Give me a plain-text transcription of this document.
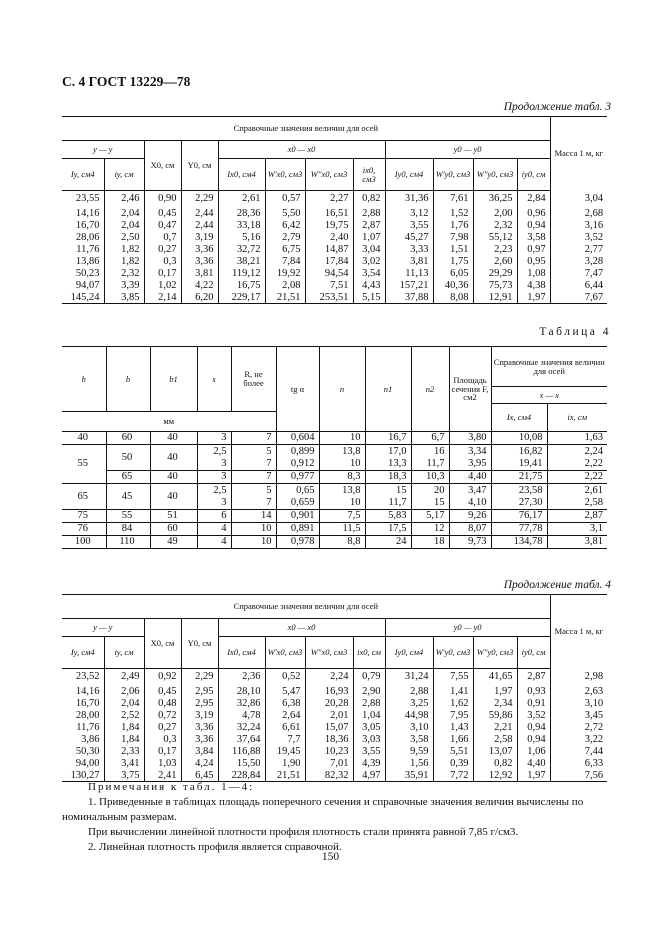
С. 4 ГОСТ 13229—78
Продолжение табл. 3
Справочные значения величин для осей												Масса 1 м, кг
y — y		X0, см	Y0, см	x0 — x0				y0 — y0				
Iy, см4	iy, см			Ix0, см4	W'x0, см3	W''x0, см3	ix0, см3	Iy0, см4	W'y0, см3	W''y0, см3	iy0, см	

23,55	2,46	0,90	2,29	2,61	0,57	2,27	0,82	31,36	7,61	36,25	2,84	3,04
14,16	2,04	0,45	2,44	28,36	5,50	16,51	2,88	3,12	1,52	2,00	0,96	2,68
16,70	2,04	0,47	2,44	33,18	6,42	19,75	2,87	3,55	1,76	2,32	0,94	3,16
28,06	2,50	0,7	3,19	5,16	2,79	2,40	1,07	45,27	7,98	55,12	3,58	3,52
11,76	1,82	0,27	3,36	32,72	6,75	14,87	3,04	3,33	1,51	2,23	0,97	2,77
13,86	1,82	0,3	3,36	38,21	7,84	17,84	3,02	3,81	1,75	2,60	0,95	3,28
50,23	2,32	0,17	3,81	119,12	19,92	94,54	3,54	11,13	6,05	29,29	1,08	7,47
94,07	3,39	1,02	4,22	16,75	2,08	7,51	4,43	157,21	40,36	75,73	4,38	6,44
145,24	3,85	2,14	6,20	229,17	21,51	253,51	5,15	37,88	8,08	12,91	1,97	7,67
Таблица 4
h	b	b1	s	R, не более	tg α	n	n1	n2	Площадь сечения F, см2	Справочные значения величин для осей	
										x — x	
										Ix, см4	ix, см
мм											
40	60	40	3	7	0,604	10	16,7	6,7	3,80	10,08	1,63
55	50	40	2,5	5	0,899	13,8	17,0	16	3,34	16,82	2,24
			3	7	0,912	10	13,3	11,7	3,95	19,41	2,22
	65	40	3	7	0,977	8,3	18,3	10,3	4,40	21,75	2,22
65	45	40	2,5	5	0,65	13,8	15	20	3,47	23,58	2,61
			3	7	0,659	10	11,7	15	4,10	27,30	2,58
75	55	51	6	14	0,901	7,5	5,83	5,17	9,26	76,17	2,87
76	84	60	4	10	0,891	11,5	17,5	12	8,07	77,78	3,1
100	110	49	4	10	0,978	8,8	24	18	9,73	134,78	3,81
Продолжение табл. 4
Справочные значения величин для осей												Масса 1 м, кг
y — y		X0, см	Y0, см	x0 — x0				y0 — y0				
Iy, см4	iy, см			Ix0, см4	W'x0, см3	W''x0, см3	ix0, см	Iy0, см4	W'y0, см3	W''y0, см3	iy0, см	

23,52	2,49	0,92	2,29	2,36	0,52	2,24	0,79	31,24	7,55	41,65	2,87	2,98
14,16	2,06	0,45	2,95	28,10	5,47	16,93	2,90	2,88	1,41	1,97	0,93	2,63
16,70	2,04	0,48	2,95	32,86	6,38	20,28	2,88	3,25	1,62	2,34	0,91	3,10
28,00	2,52	0,72	3,19	4,78	2,64	2,01	1,04	44,98	7,95	59,86	3,52	3,45
11,76	1,84	0,27	3,36	32,24	6,61	15,07	3,05	3,10	1,43	2,21	0,94	2,72
3,86	1,84	0,3	3,36	37,64	7,7	18,36	3,03	3,58	1,66	2,58	0,94	3,22
50,30	2,33	0,17	3,84	116,88	19,45	10,23	3,55	9,59	5,51	13,07	1,06	7,44
94,00	3,41	1,03	4,24	15,50	1,90	7,01	4,39	1,56	0,39	0,82	4,40	6,33
130,27	3,75	2,41	6,45	228,84	21,51	82,32	4,97	35,91	7,72	12,92	1,97	7,56

Примечания к табл. 1—4:

1. Приведенные в таблицах площадь поперечного сечения и справочные значения величин вычислены по номинальным размерам.

При вычислении линейной плотности профиля плотность стали принята равной 7,85 г/см3.

2. Линейная плотность профиля является справочной.

150
